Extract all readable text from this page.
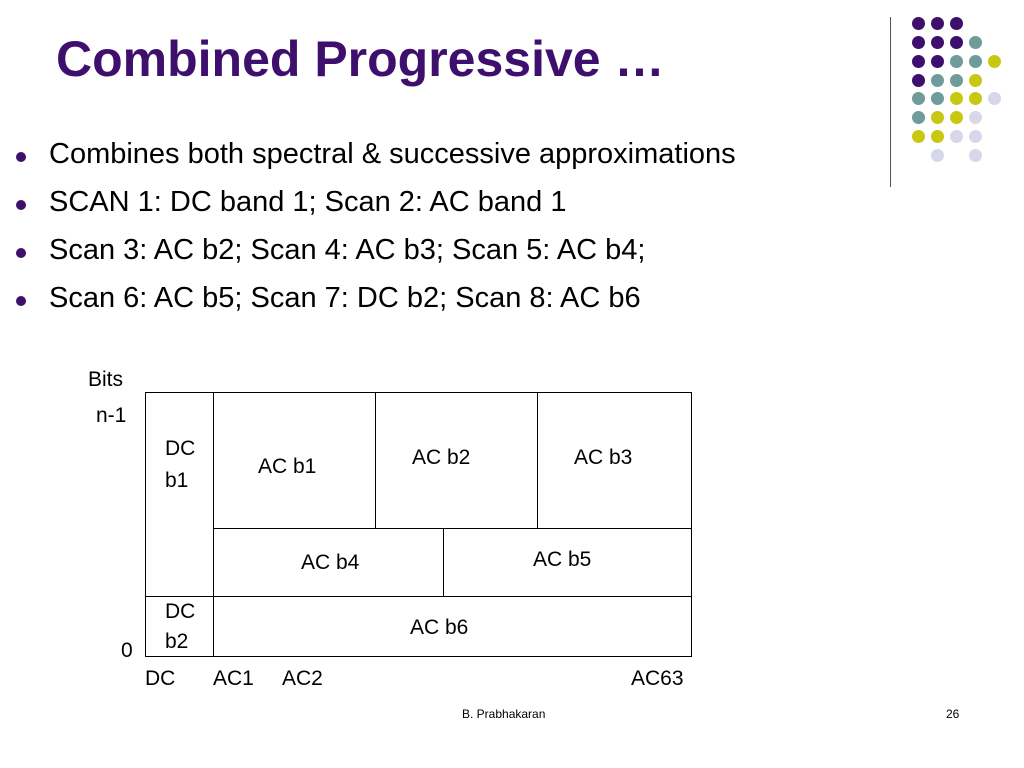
Combined Progressive …
Combines both spectral & successive approximations
SCAN 1: DC band 1; Scan 2: AC band 1
Scan 3: AC b2; Scan 4: AC b3; Scan 5: AC b4;
Scan 6: AC b5; Scan 7: DC b2; Scan 8: AC b6
Bits
n-1
0
DC
b1
AC b1	AC b2	AC b3
AC b4	AC b5
DC
b2
AC b6
DC AC1 AC2	AC63
B. Prabhakaran	26
